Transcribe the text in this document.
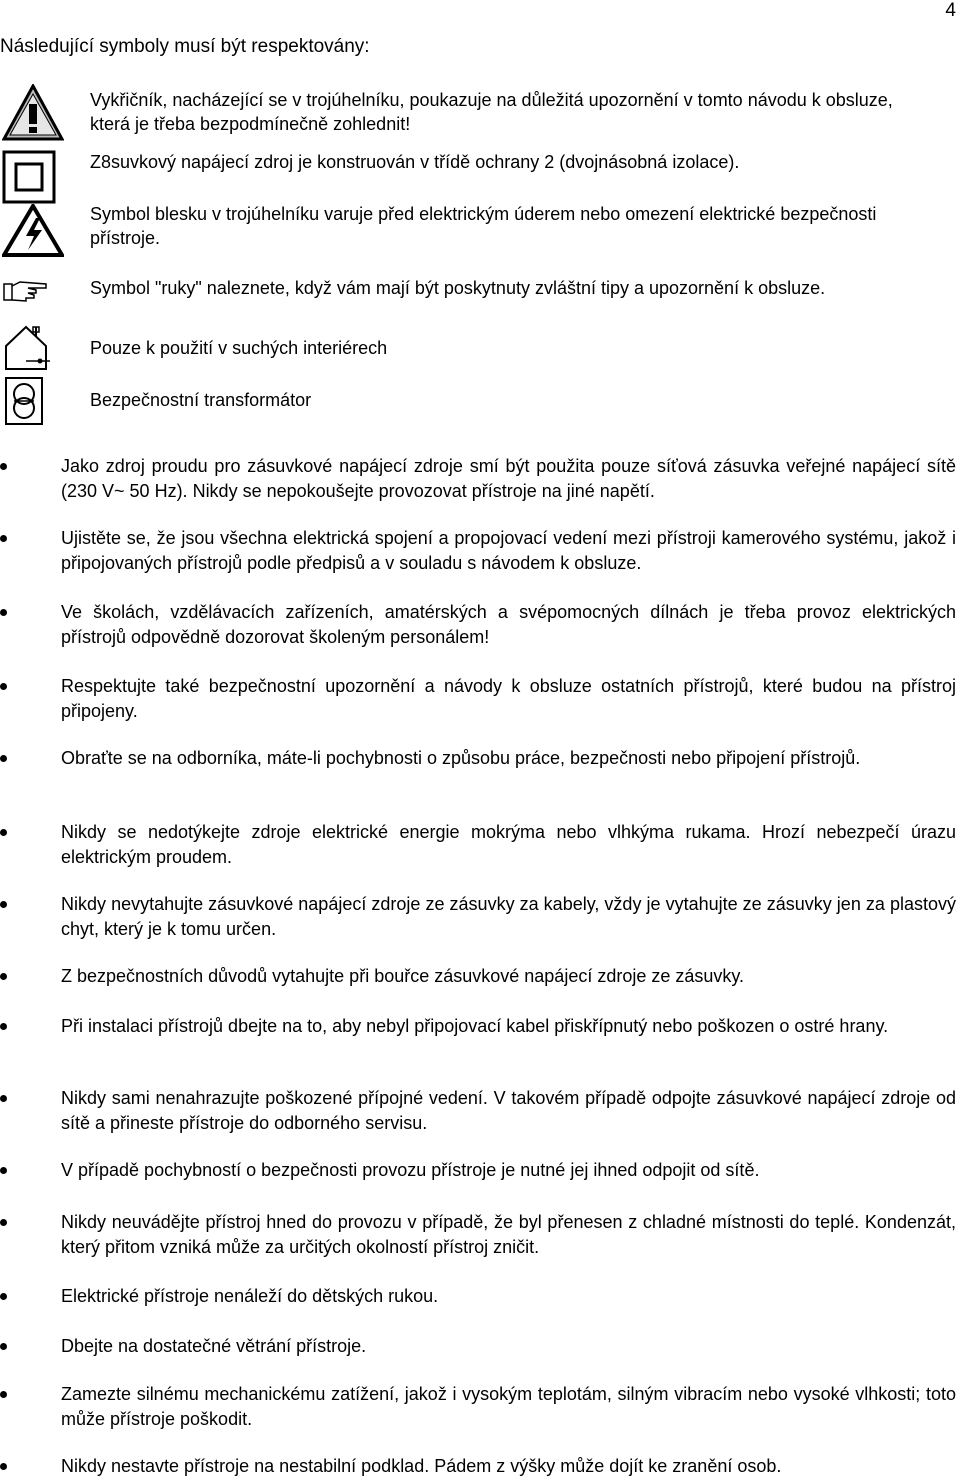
4
Následující symboly musí být respektovány:
Vykřičník, nacházející se v trojúhelníku, poukazuje na důležitá upozornění v tomto návodu k obsluze, která je třeba bezpodmínečně zohlednit!
Z8suvkový napájecí zdroj je konstruován v třídě ochrany 2 (dvojnásobná izolace).
Symbol blesku v trojúhelníku varuje před elektrickým úderem nebo omezení elektrické bezpečnosti přístroje.
Symbol "ruky" naleznete, když vám mají být poskytnuty zvláštní tipy a upozornění k obsluze.
Pouze k použití v suchých interiérech
Bezpečnostní transformátor
Jako zdroj proudu pro zásuvkové napájecí zdroje smí být použita pouze síťová zásuvka veřejné napájecí sítě (230 V~ 50 Hz). Nikdy se nepokoušejte provozovat přístroje na jiné napětí.
Ujistěte se, že jsou všechna elektrická spojení a propojovací vedení mezi přístroji kamerového systému, jakož i připojovaných přístrojů podle předpisů a v souladu s návodem k obsluze.
Ve školách, vzdělávacích zařízeních, amatérských a svépomocných dílnách je třeba provoz elektrických přístrojů odpovědně dozorovat školeným personálem!
Respektujte také bezpečnostní upozornění a návody k obsluze ostatních přístrojů, které budou na přístroj připojeny.
Obraťte se na odborníka, máte-li pochybnosti o způsobu práce, bezpečnosti nebo připojení přístrojů.
Nikdy se nedotýkejte zdroje elektrické energie mokrýma nebo vlhkýma rukama. Hrozí nebezpečí úrazu elektrickým proudem.
Nikdy nevytahujte zásuvkové napájecí zdroje ze zásuvky za kabely, vždy je vytahujte ze zásuvky jen za plastový chyt, který je k tomu určen.
Z bezpečnostních důvodů vytahujte při bouřce zásuvkové napájecí zdroje ze zásuvky.
Při instalaci přístrojů dbejte na to, aby nebyl připojovací kabel přiskřípnutý nebo poškozen o ostré hrany.
Nikdy sami nenahrazujte poškozené přípojné vedení. V takovém případě odpojte zásuvkové napájecí zdroje od sítě a přineste přístroje do odborného servisu.
V případě pochybností o bezpečnosti provozu přístroje je nutné jej ihned odpojit od sítě.
Nikdy neuvádějte přístroj hned do provozu v případě, že byl přenesen z chladné místnosti do teplé. Kondenzát, který přitom vzniká může za určitých okolností přístroj zničit.
Elektrické přístroje nenáleží do dětských rukou.
Dbejte na dostatečné větrání přístroje.
Zamezte silnému mechanickému zatížení, jakož i vysokým teplotám, silným vibracím nebo vysoké vlhkosti; toto může přístroje poškodit.
Nikdy nestavte přístroje na nestabilní podklad. Pádem z výšky může dojít ke zranění osob.
